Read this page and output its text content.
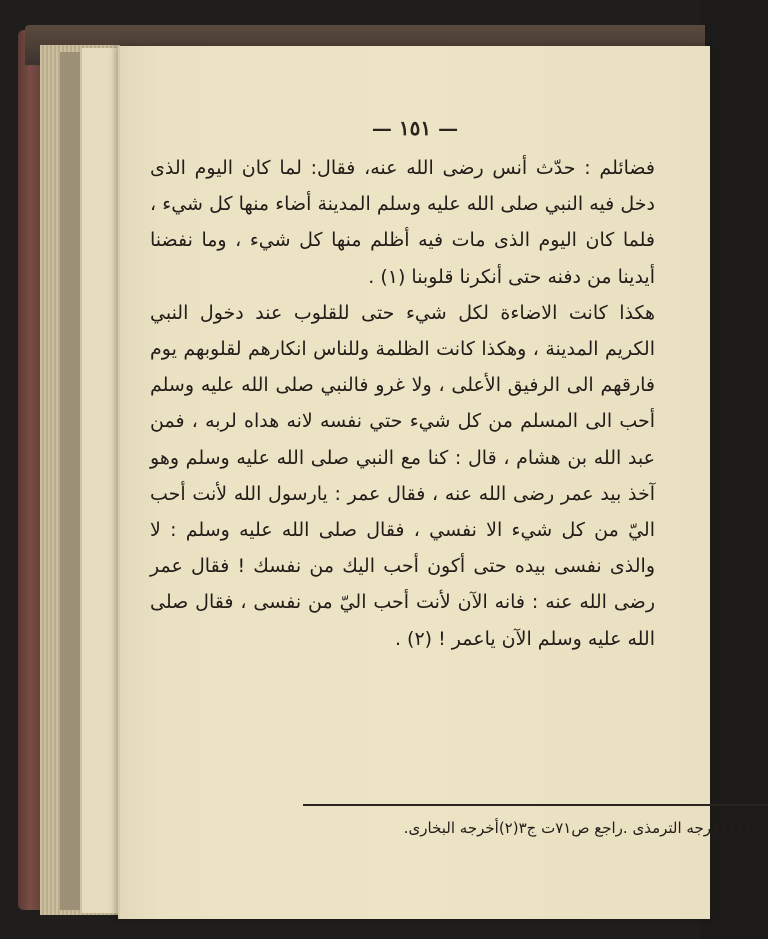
— ١٥١ —

فضائلم : حدّث أنس رضى الله عنه، فقال: لما كان اليوم الذى دخل فيه النبي صلى الله عليه وسلم المدينة أضاء منها كل شيء ، فلما كان اليوم الذى مات فيه أظلم منها كل شيء ، وما نفضنا أيدينا من دفنه حتى أنكرنا قلوبنا (١) .

هكذا كانت الاضاءة لكل شيء حتى للقلوب عند دخول النبي الكريم المدينة ، وهكذا كانت الظلمة وللناس انكارهم لقلوبهم يوم فارقهم الى الرفيق الأعلى ، ولا غرو فالنبي صلى الله عليه وسلم أحب الى المسلم من كل شيء حتي نفسه لانه هداه لربه ، فمن عبد الله بن هشام ، قال : كنا مع النبي صلى الله عليه وسلم وهو آخذ بيد عمر رضى الله عنه ، فقال عمر : يارسول الله لأنت أحب اليّ من كل شيء الا نفسي ، فقال صلى الله عليه وسلم : لا والذى نفسى بيده حتى أكون أحب اليك من نفسك ! فقال عمر رضى الله عنه : فانه الآن لأنت أحب اليّ من نفسى ، فقال صلى الله عليه وسلم الآن ياعمر ! (٢) .

(١) أخرجه الترمذى .راجع ص٧١ت ج٣(٢)أخرجه البخارى.
